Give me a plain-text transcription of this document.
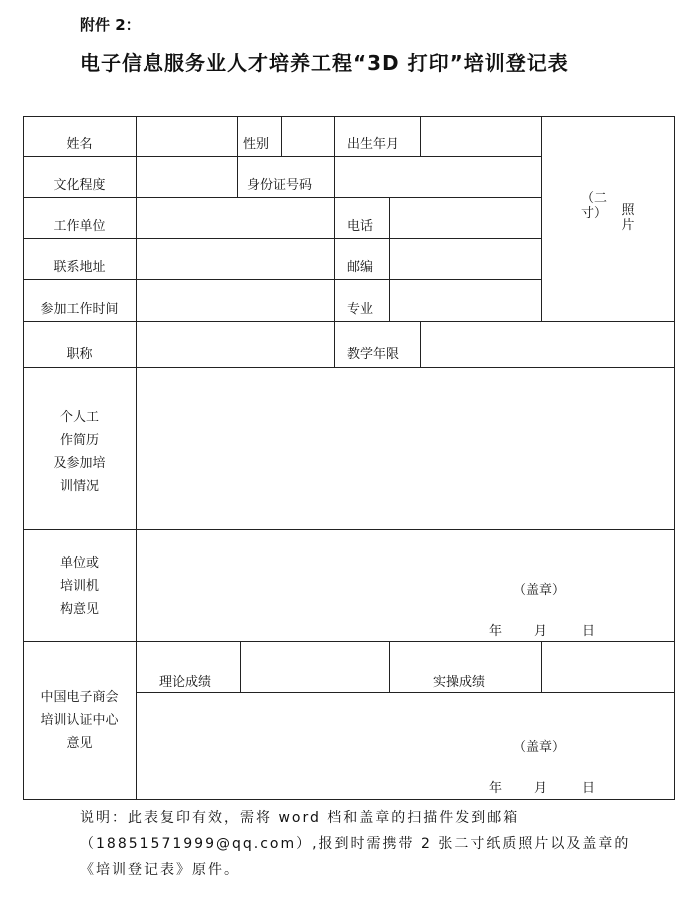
附件 2：
电子信息服务业人才培养工程“3D 打印”培训登记表
姓名	性别	出生年月
照片
（二寸）
文化程度	身份证号码
工作单位	电话
联系地址	邮编
参加工作时间	专业
职称	教学年限
个人工
作简历
及参加培
训情况
单位或
培训机
构意见
（盖章）
年 月	日
中国电子商会
培训认证中心
意见
理论成绩	实操成绩
（盖章）
年 月	日
说明：此表复印有效，需将 word 档和盖章的扫描件发到邮箱（18851571999@qq.com）,报到时需携带 2 张二寸纸质照片以及盖章的《培训登记表》原件。
